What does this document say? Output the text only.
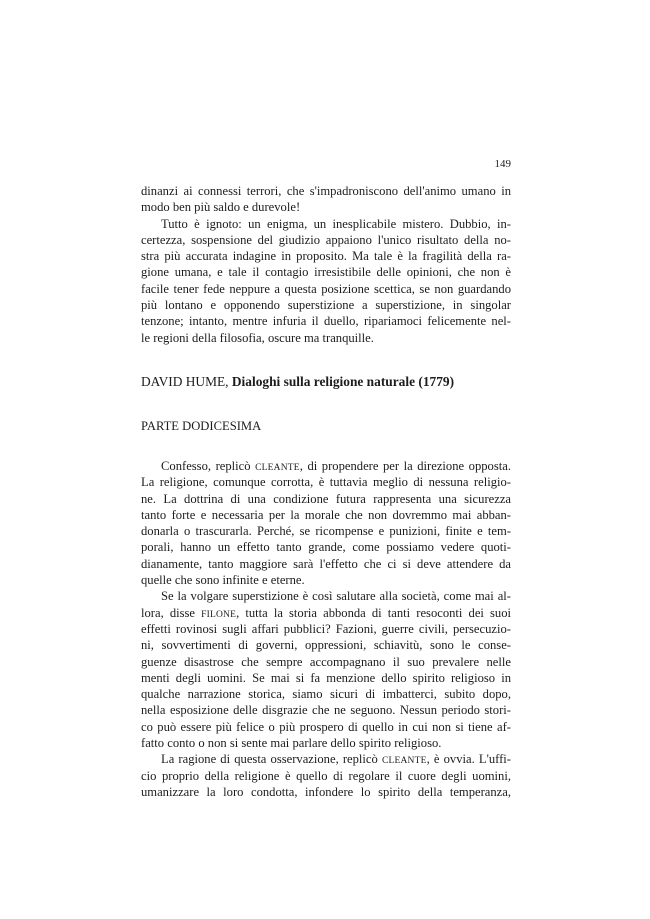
149
dinanzi ai connessi terrori, che s'impadroniscono dell'animo umano in
modo ben più saldo e durevole!
Tutto è ignoto: un enigma, un inesplicabile mistero. Dubbio, in-
certezza, sospensione del giudizio appaiono l'unico risultato della no-
stra più accurata indagine in proposito. Ma tale è la fragilità della ra-
gione umana, e tale il contagio irresistibile delle opinioni, che non è
facile tener fede neppure a questa posizione scettica, se non guardando
più lontano e opponendo superstizione a superstizione, in singolar
tenzone; intanto, mentre infuria il duello, ripariamoci felicemente nel-
le regioni della filosofia, oscure ma tranquille.
DAVID HUME, Dialoghi sulla religione naturale (1779)
PARTE DODICESIMA
Confesso, replicò CLEANTE, di propendere per la direzione opposta.
La religione, comunque corrotta, è tuttavia meglio di nessuna religio-
ne. La dottrina di una condizione futura rappresenta una sicurezza
tanto forte e necessaria per la morale che non dovremmo mai abban-
donarla o trascurarla. Perché, se ricompense e punizioni, finite e tem-
porali, hanno un effetto tanto grande, come possiamo vedere quoti-
dianamente, tanto maggiore sarà l'effetto che ci si deve attendere da
quelle che sono infinite e eterne.
Se la volgare superstizione è così salutare alla società, come mai al-
lora, disse FILONE, tutta la storia abbonda di tanti resoconti dei suoi
effetti rovinosi sugli affari pubblici? Fazioni, guerre civili, persecuzio-
ni, sovvertimenti di governi, oppressioni, schiavitù, sono le conse-
guenze disastrose che sempre accompagnano il suo prevalere nelle
menti degli uomini. Se mai si fa menzione dello spirito religioso in
qualche narrazione storica, siamo sicuri di imbatterci, subito dopo,
nella esposizione delle disgrazie che ne seguono. Nessun periodo stori-
co può essere più felice o più prospero di quello in cui non si tiene af-
fatto conto o non si sente mai parlare dello spirito religioso.
La ragione di questa osservazione, replicò CLEANTE, è ovvia. L'uffi-
cio proprio della religione è quello di regolare il cuore degli uomini,
umanizzare la loro condotta, infondere lo spirito della temperanza,
